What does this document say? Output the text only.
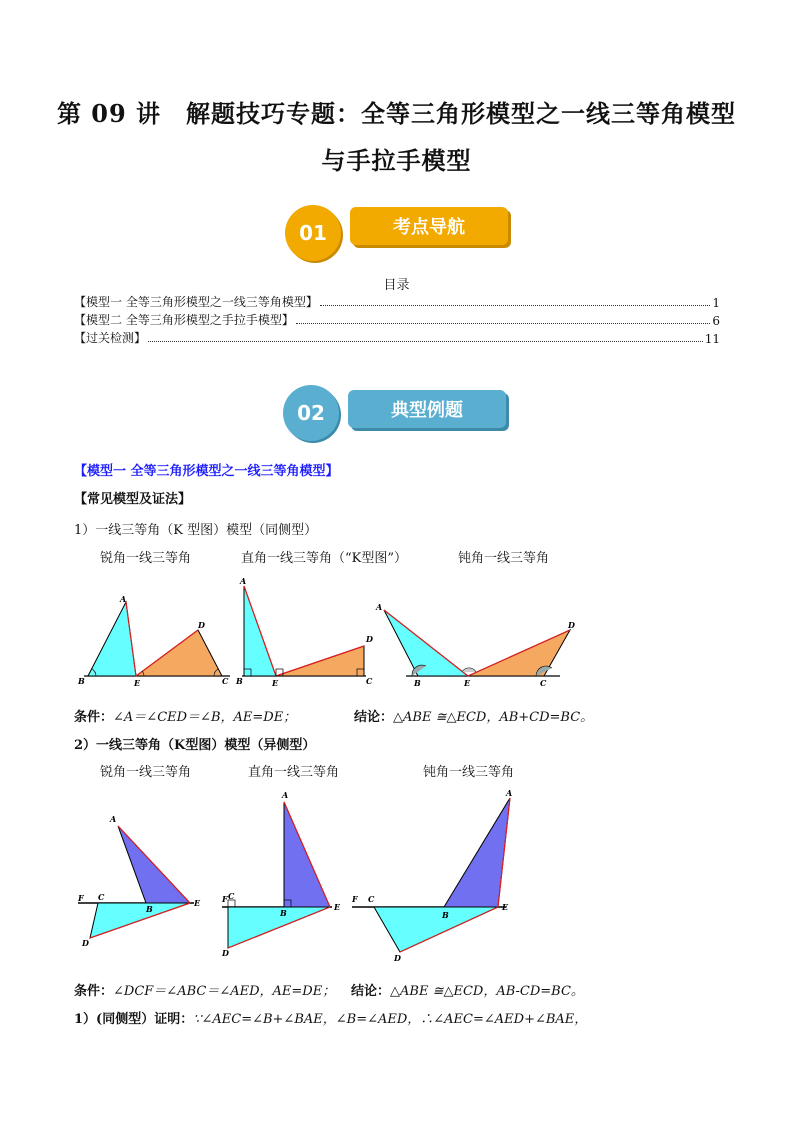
第 09 讲　解题技巧专题：全等三角形模型之一线三等角模型
与手拉手模型
01	考点导航
目录
【模型一 全等三角形模型之一线三等角模型】	1
【模型二 全等三角形模型之手拉手模型】	6
【过关检测】	11
02	典型例题
【模型一 全等三角形模型之一线三等角模型】
【常见模型及证法】
1）一线三等角（K 型图）模型（同侧型）
锐角一线三等角	直角一线三等角（“K型图”）	钝角一线三等角
A
B	E
D
C
A
B	E
D
C
A
B	E
D
C
条件：∠A＝∠CED＝∠B，AE=DE；	结论：△ABE ≅△ECD，AB+CD=BC。
2）一线三等角（K型图）模型（异侧型）
锐角一线三等角	直角一线三等角	钝角一线三等角
A
F C
B
E
D
A
F C
B
E
D
A
F C
B
E
D
条件：∠DCF＝∠ABC＝∠AED，AE=DE； 结论：△ABE ≅△ECD，AB-CD=BC。
1）(同侧型）证明：∵∠AEC=∠B+∠BAE，∠B=∠AED，∴∠AEC=∠AED+∠BAE，
